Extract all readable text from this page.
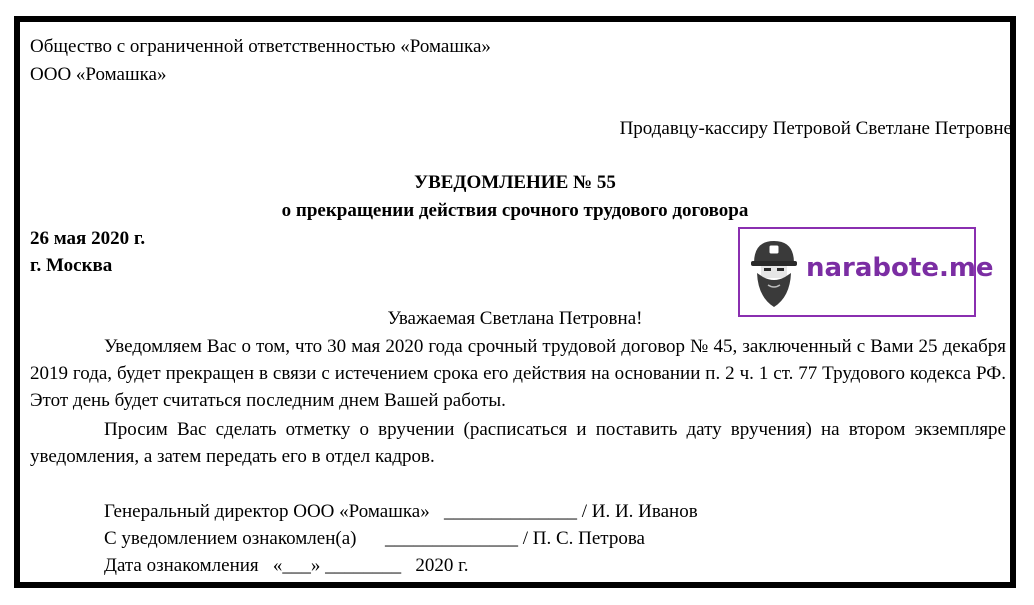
Общество с ограниченной ответственностью «Ромашка»
ООО «Ромашка»
Продавцу-кассиру Петровой Светлане Петровне
УВЕДОМЛЕНИЕ № 55
о прекращении действия срочного трудового договора
26 мая 2020 г.
г. Москва	narabote.me
Уважаемая Светлана Петровна!
Уведомляем Вас о том, что 30 мая 2020 года срочный трудовой договор № 45, заключенный с Вами 25 декабря 2019 года, будет прекращен в связи с истечением срока его действия на основании п. 2 ч. 1 ст. 77 Трудового кодекса РФ. Этот день будет считаться последним днем Вашей работы.
Просим Вас сделать отметку о вручении (расписаться и поставить дату вручения) на втором экземпляре уведомления, а затем передать его в отдел кадров.
Генеральный директор ООО «Ромашка» ______________ / И. И. Иванов
С уведомлением ознакомлен(а) ______________ / П. С. Петрова
Дата ознакомления «___» ________ 2020 г.
